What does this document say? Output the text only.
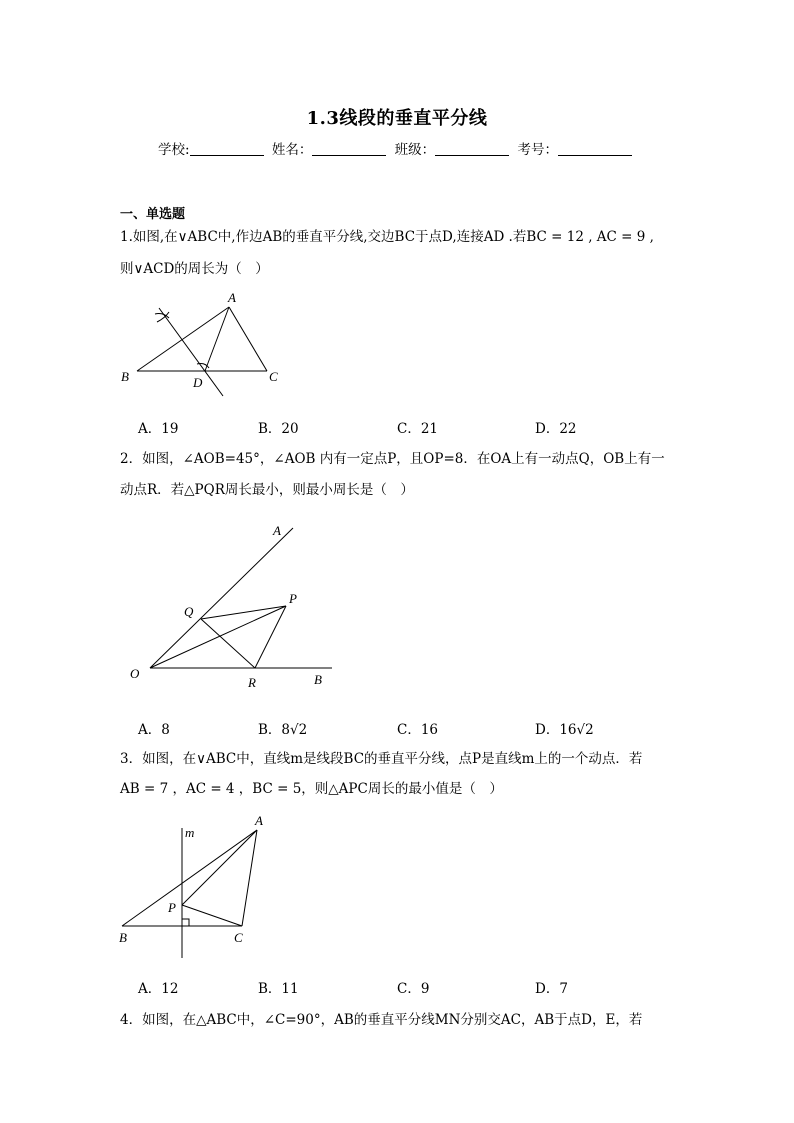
1.3线段的垂直平分线
学校:	姓名：	班级：	考号：
一、单选题
1.如图,在∨ABC中,作边AB的垂直平分线,交边BC于点D,连接AD .若BC = 12 , AC = 9 ,
则∨ACD的周长为（　）
A
B	C
D
A．19	B．20	C．21	D．22
2．如图，∠AOB=45°，∠AOB 内有一定点P，且OP=8．在OA上有一动点Q，OB上有一
动点R．若△PQR周长最小，则最小周长是（　）
A
Q
P
O
R	B
A．8	B．8√2	C．16	D．16√2
3．如图，在∨ABC中，直线m是线段BC的垂直平分线，点P是直线m上的一个动点．若
AB = 7 ，AC = 4 ，BC = 5，则△APC周长的最小值是（　）
m
A
P
B	C
A．12	B．11	C．9	D．7
4．如图，在△ABC中，∠C=90°，AB的垂直平分线MN分别交AC，AB于点D，E，若
